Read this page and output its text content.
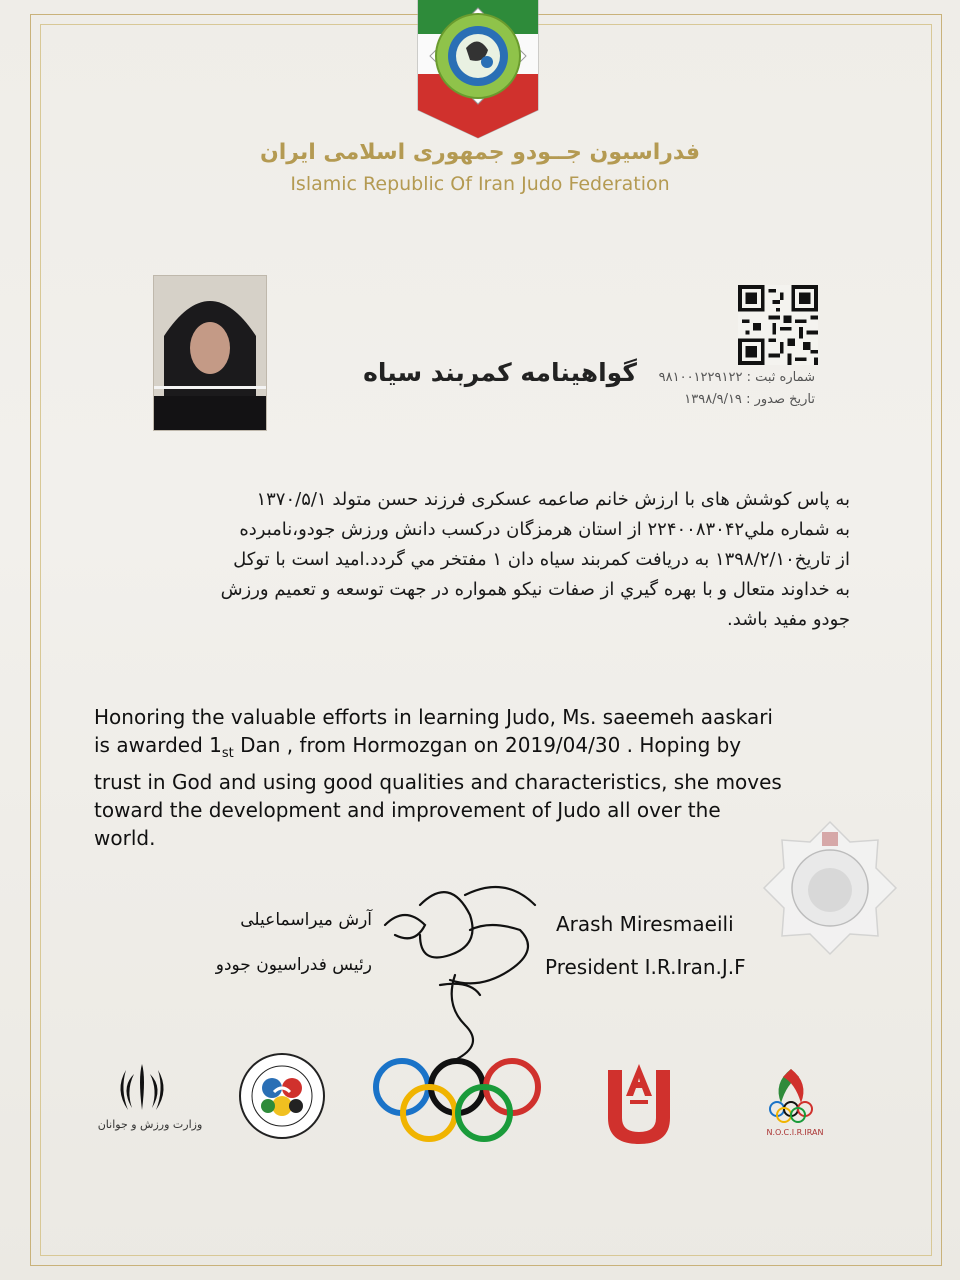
فدراسیون جــودو جمهوری اسلامی ایران
Islamic Republic Of Iran Judo Federation
گواهینامه کمربند سیاه	شماره ثبت : ۹۸۱۰۰۱۲۲۹۱۲۲
تاریخ صدور : ۱۳۹۸/۹/۱۹

به پاس کوشش های با ارزش خانم صاعمه عسکری فرزند حسن متولد ۱۳۷۰/۵/۱

به شماره ملي۲۲۴۰۰۸۳۰۴۲ از استان هرمزگان درکسب دانش ورزش جودو،نامبرده

از تاریخ۱۳۹۸/۲/۱۰ به دریافت کمربند سیاه دان ۱ مفتخر مي گردد.امید است با توکل

به خداوند متعال و با بهره گيري از صفات نيكو همواره در جهت توسعه و تعميم ورزش

جودو مفید باشد.

Honoring the valuable efforts in learning Judo, Ms. saeemeh aaskari

is awarded $1_{st}$ Dan , from Hormozgan on 2019/04/30 . Hoping by

trust in God and using good qualities and characteristics, she moves

toward the development and improvement of Judo all over the

world.

آرش میراسماعیلی
رئیس فدراسیون جودو
Arash Miresmaeili
President I.R.Iran.J.F
وزارت ورزش و جوانان
N.O.C.I.R.IRAN
